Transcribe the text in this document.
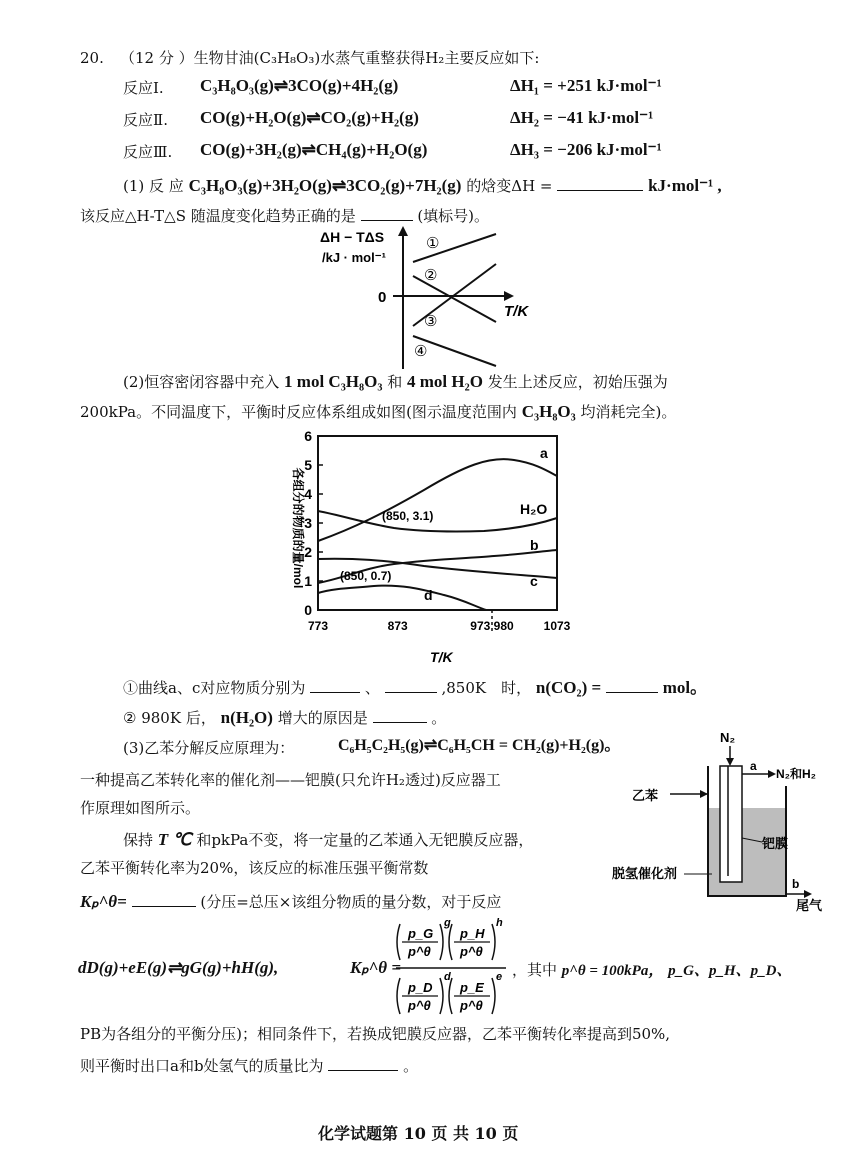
20. （12 分 ）生物甘油(C₃H₈O₃)水蒸气重整获得H₂主要反应如下:
反应Ⅰ. C₃H₈O₃(g)⇌3CO(g)+4H₂(g)	ΔH₁ = +251 kJ·mol⁻¹
反应Ⅱ. CO(g)+H₂O(g)⇌CO₂(g)+H₂(g)	ΔH₂ = −41 kJ·mol⁻¹
反应Ⅲ. CO(g)+3H₂(g)⇌CH₄(g)+H₂O(g)	ΔH₃ = −206 kJ·mol⁻¹
(1) 反 应 C₃H₈O₃(g)+3H₂O(g)⇌3CO₂(g)+7H₂(g) 的焓变ΔH =	kJ·mol⁻¹ ,
该反应△H-T△S 随温度变化趋势正确的是	(填标号)。
ΔH − TΔS
/kJ · mol⁻¹
0
T/K
①
②
③
④
(2)恒容密闭容器中充入 1 mol C₃H₈O₃ 和 4 mol H₂O 发生上述反应，初始压强为
200kPa。不同温度下，平衡时反应体系组成如图(图示温度范围内 C₃H₈O₃ 均消耗完全)。
各组分的物质的量/mol
0
1
2
3
4
5
6
773	873	973 980 1073
a
H₂O
b
c
d
(850, 3.1)
(850, 0.7)
T/K
①曲线a、c对应物质分别为	、	,850K　时， n(CO₂) =	mol。
② 980K 后， n(H₂O) 增大的原因是	。
(3)乙苯分解反应原理为：	C₆H₅C₂H₅(g)⇌C₆H₅CH = CH₂(g)+H₂(g)。
一种提高乙苯转化率的催化剂——钯膜(只允许H₂透过)反应器工
作原理如图所示。
保持 T ℃ 和pkPa不变，将一定量的乙苯通入无钯膜反应器，
乙苯平衡转化率为20%，该反应的标准压强平衡常数
Kₚ^θ=	(分压=总压×该组分物质的量分数，对于反应
N₂
a
N₂和H₂
乙苯
钯膜
脱氢催化剂
b
尾气
dD(g)+eE(g)⇌gG(g)+hH(g),	Kₚ^θ =
p_G
p^θ
g
p_H
p^θ
h
p_D
p^θ
d
p_E
p^θ
e ，其中 p^θ = 100kPa， p_G、p_H、p_D、
PB为各组分的平衡分压)；相同条件下，若换成钯膜反应器，乙苯平衡转化率提高到50%,
则平衡时出口a和b处氢气的质量比为	。
化学试题第 10 页 共 10 页
